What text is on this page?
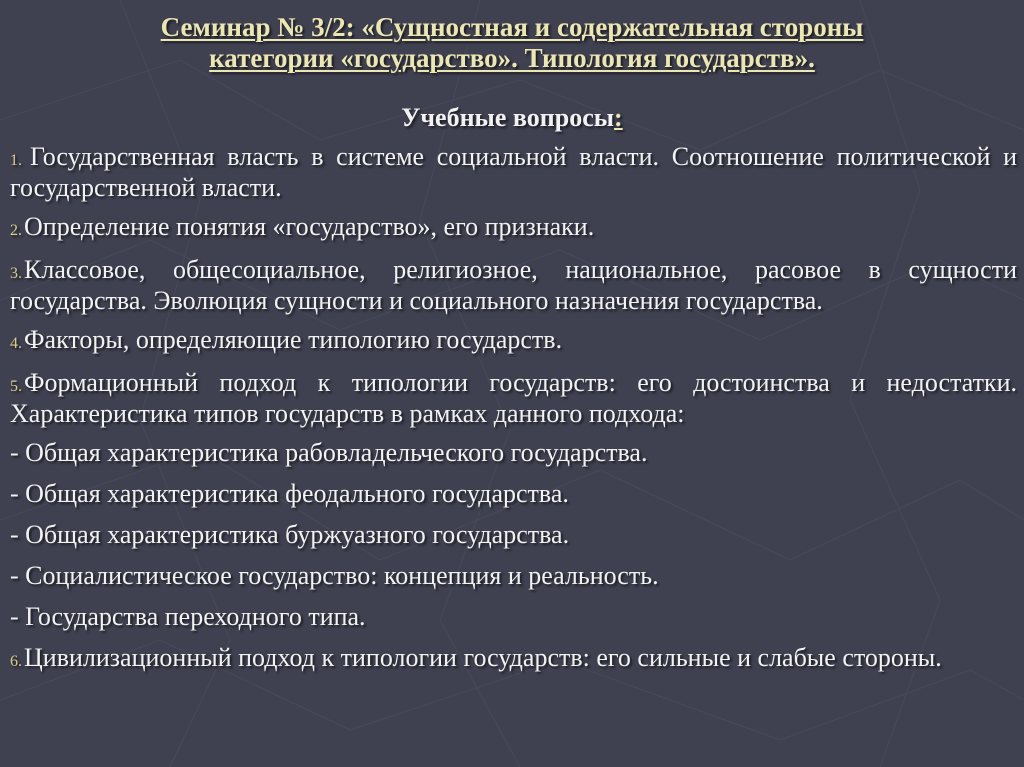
Семинар № 3/2: «Сущностная и содержательная стороны
категории «государство». Типология государств».
Учебные вопросы:
1. Государственная власть в системе социальной власти. Соотношение политической и государственной власти.
2.Определение понятия «государство», его признаки.
3.Классовое, общесоциальное, религиозное, национальное, расовое в сущности государства. Эволюция сущности и социального назначения государства.
4.Факторы, определяющие типологию государств.
5.Формационный подход к типологии государств: его достоинства и недостатки. Характеристика типов государств в рамках данного подхода:
- Общая характеристика рабовладельческого государства.
- Общая характеристика феодального государства.
- Общая характеристика буржуазного государства.
- Социалистическое государство: концепция и реальность.
- Государства переходного типа.
6.Цивилизационный подход к типологии государств: его сильные и слабые стороны.
